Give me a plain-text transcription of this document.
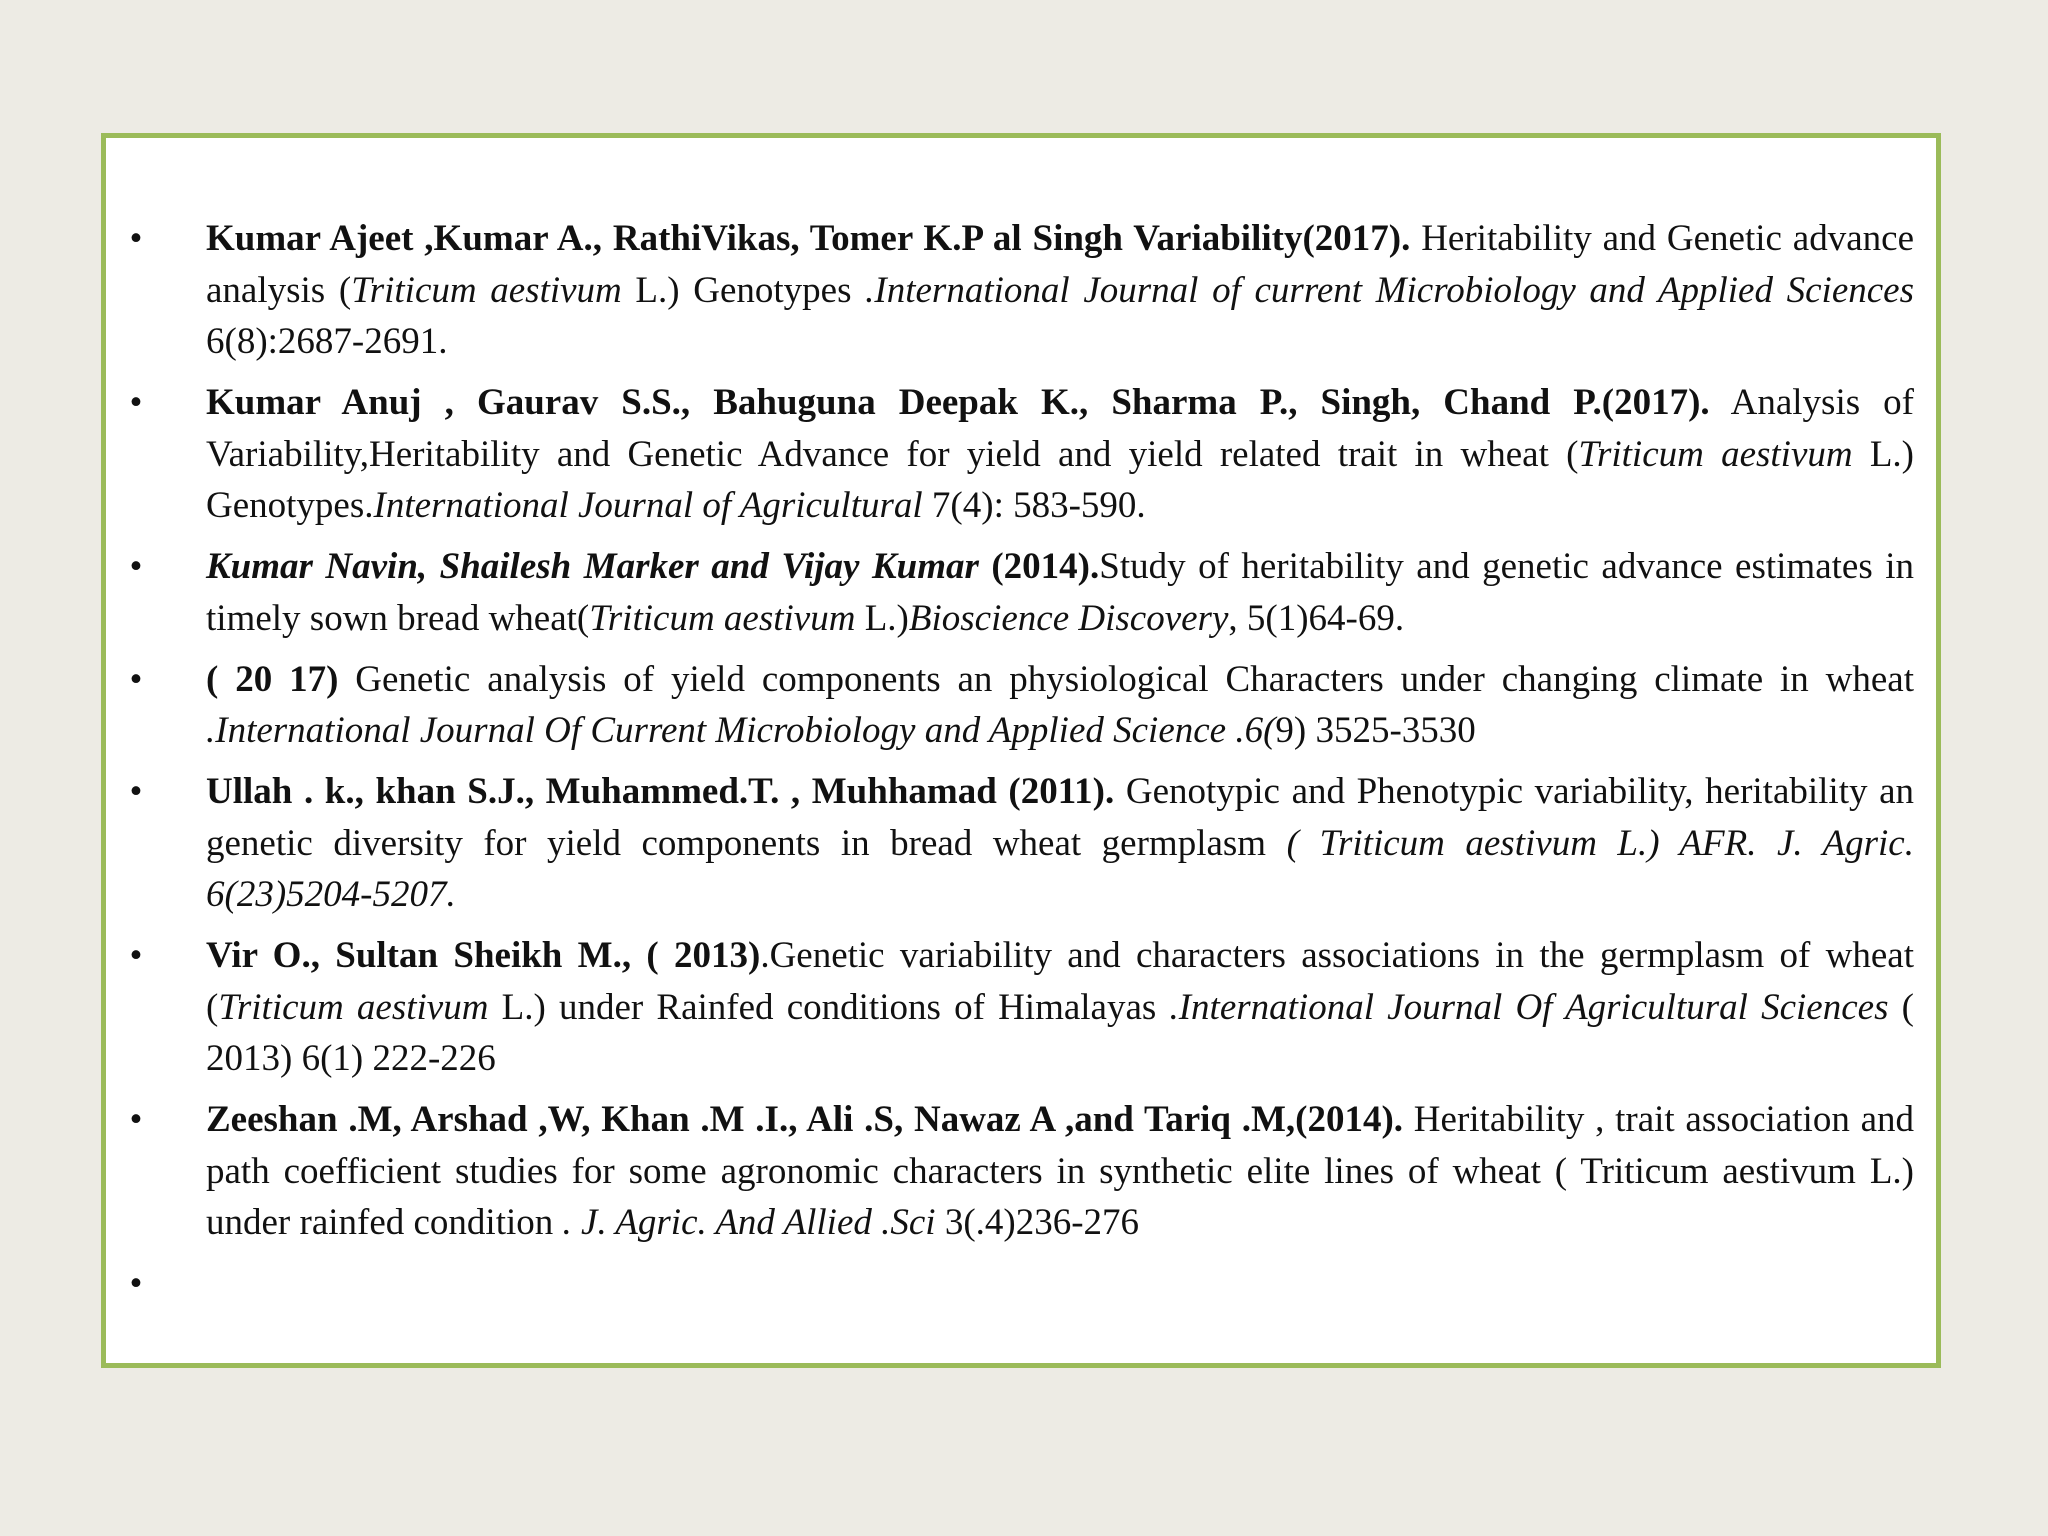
• Kumar Ajeet ,Kumar A., RathiVikas, Tomer K.P al Singh Variability(2017). Heritability and Genetic advance analysis (Triticum aestivum L.) Genotypes .International Journal of current Microbiology and Applied Sciences 6(8):2687-2691.
• Kumar Anuj , Gaurav S.S., Bahuguna Deepak K., Sharma P., Singh, Chand P.(2017). Analysis of Variability,Heritability and Genetic Advance for yield and yield related trait in wheat (Triticum aestivum L.) Genotypes.International Journal of Agricultural 7(4): 583-590.
• Kumar Navin, Shailesh Marker and Vijay Kumar (2014).Study of heritability and genetic advance estimates in timely sown bread wheat(Triticum aestivum L.)Bioscience Discovery, 5(1)64-69.
• ( 20 17) Genetic analysis of yield components an physiological Characters under changing climate in wheat .International Journal Of Current Microbiology and Applied Science .6(9) 3525-3530
• Ullah . k., khan S.J., Muhammed.T. , Muhhamad (2011). Genotypic and Phenotypic variability, heritability an genetic diversity for yield components in bread wheat germplasm ( Triticum aestivum L.) AFR. J. Agric. 6(23)5204-5207.
• Vir O., Sultan Sheikh M., ( 2013).Genetic variability and characters associations in the germplasm of wheat (Triticum aestivum L.) under Rainfed conditions of Himalayas .International Journal Of Agricultural Sciences ( 2013) 6(1) 222-226
• Zeeshan .M, Arshad ,W, Khan .M .I., Ali .S, Nawaz A ,and Tariq .M,(2014). Heritability , trait association and path coefficient studies for some agronomic characters in synthetic elite lines of wheat ( Triticum aestivum L.) under rainfed condition . J. Agric. And Allied .Sci 3(.4)236-276
•
